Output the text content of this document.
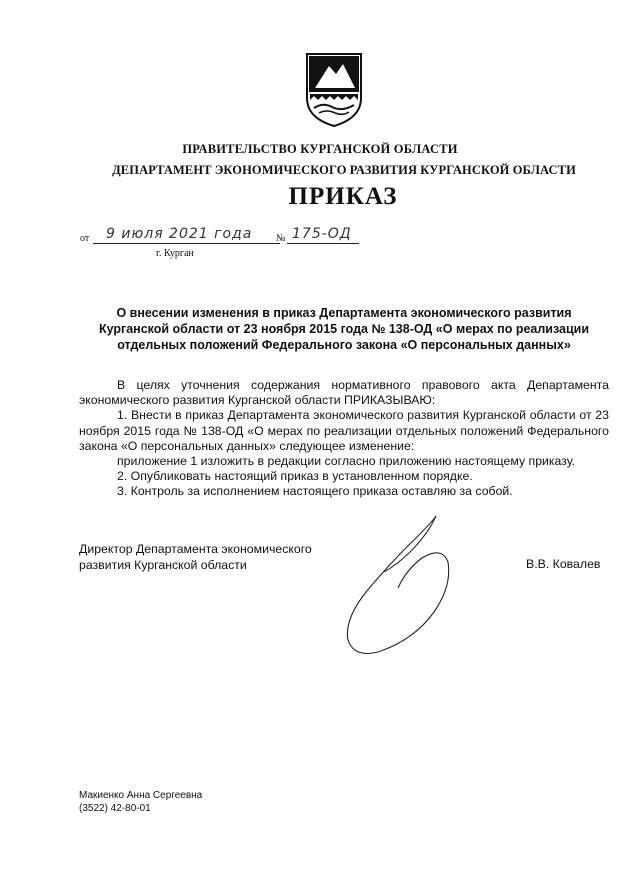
ПРАВИТЕЛЬСТВО КУРГАНСКОЙ ОБЛАСТИ
ДЕПАРТАМЕНТ ЭКОНОМИЧЕСКОГО РАЗВИТИЯ КУРГАНСКОЙ ОБЛАСТИ
ПРИКАЗ
от 9 июля 2021 года № 175-ОД
г. Курган
О внесении изменения в приказ Департамента экономического развития Курганской области от 23 ноября 2015 года № 138-ОД «О мерах по реализации отдельных положений Федерального закона «О персональных данных»

В целях уточнения содержания нормативного правового акта Департамента экономического развития Курганской области ПРИКАЗЫВАЮ:

1. Внести в приказ Департамента экономического развития Курганской области от 23 ноября 2015 года № 138-ОД «О мерах по реализации отдельных положений Федерального закона «О персональных данных» следующее изменение:

приложение 1 изложить в редакции согласно приложению настоящему приказу.

2. Опубликовать настоящий приказ в установленном порядке.

3. Контроль за исполнением настоящего приказа оставляю за собой.

Директор Департамента экономического
развития Курганской области	В.В. Ковалев
Макиенко Анна Сергеевна
(3522) 42-80-01
